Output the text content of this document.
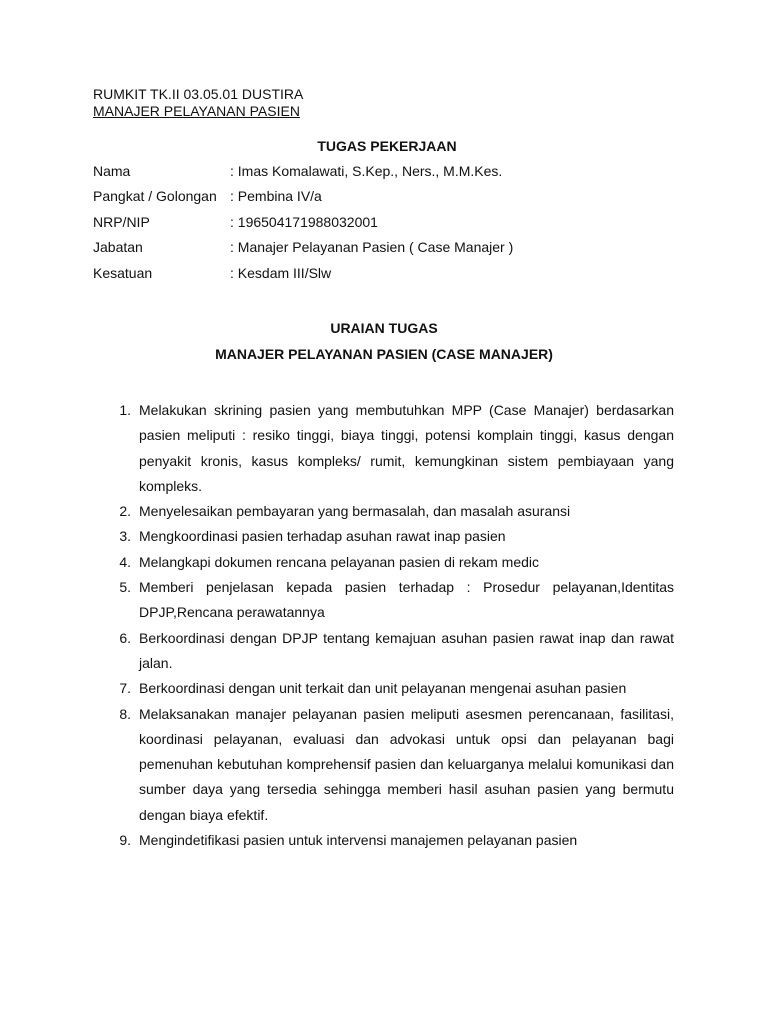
RUMKIT TK.II 03.05.01 DUSTIRA
MANAJER PELAYANAN PASIEN
TUGAS PEKERJAAN
Nama	: Imas Komalawati, S.Kep., Ners., M.M.Kes.
Pangkat / Golongan : Pembina IV/a
NRP/NIP	: 196504171988032001
Jabatan	: Manajer Pelayanan Pasien ( Case Manajer )
Kesatuan	: Kesdam III/Slw
URAIAN TUGAS
MANAJER PELAYANAN PASIEN (CASE MANAJER)
1. Melakukan skrining pasien yang membutuhkan MPP (Case Manajer) berdasarkan pasien meliputi : resiko tinggi, biaya tinggi, potensi komplain tinggi, kasus dengan penyakit kronis, kasus kompleks/ rumit, kemungkinan sistem pembiayaan yang kompleks.
2. Menyelesaikan pembayaran yang bermasalah, dan masalah asuransi
3. Mengkoordinasi pasien terhadap asuhan rawat inap pasien
4. Melangkapi dokumen rencana pelayanan pasien di rekam medic
5. Memberi penjelasan kepada pasien terhadap : Prosedur pelayanan,Identitas DPJP,Rencana perawatannya
6. Berkoordinasi dengan DPJP tentang kemajuan asuhan pasien rawat inap dan rawat jalan.
7. Berkoordinasi dengan unit terkait dan unit pelayanan mengenai asuhan pasien
8. Melaksanakan manajer pelayanan pasien meliputi asesmen perencanaan, fasilitasi, koordinasi pelayanan, evaluasi dan advokasi untuk opsi dan pelayanan bagi pemenuhan kebutuhan komprehensif pasien dan keluarganya melalui komunikasi dan sumber daya yang tersedia sehingga memberi hasil asuhan pasien yang bermutu dengan biaya efektif.
9. Mengindetifikasi pasien untuk intervensi manajemen pelayanan pasien
